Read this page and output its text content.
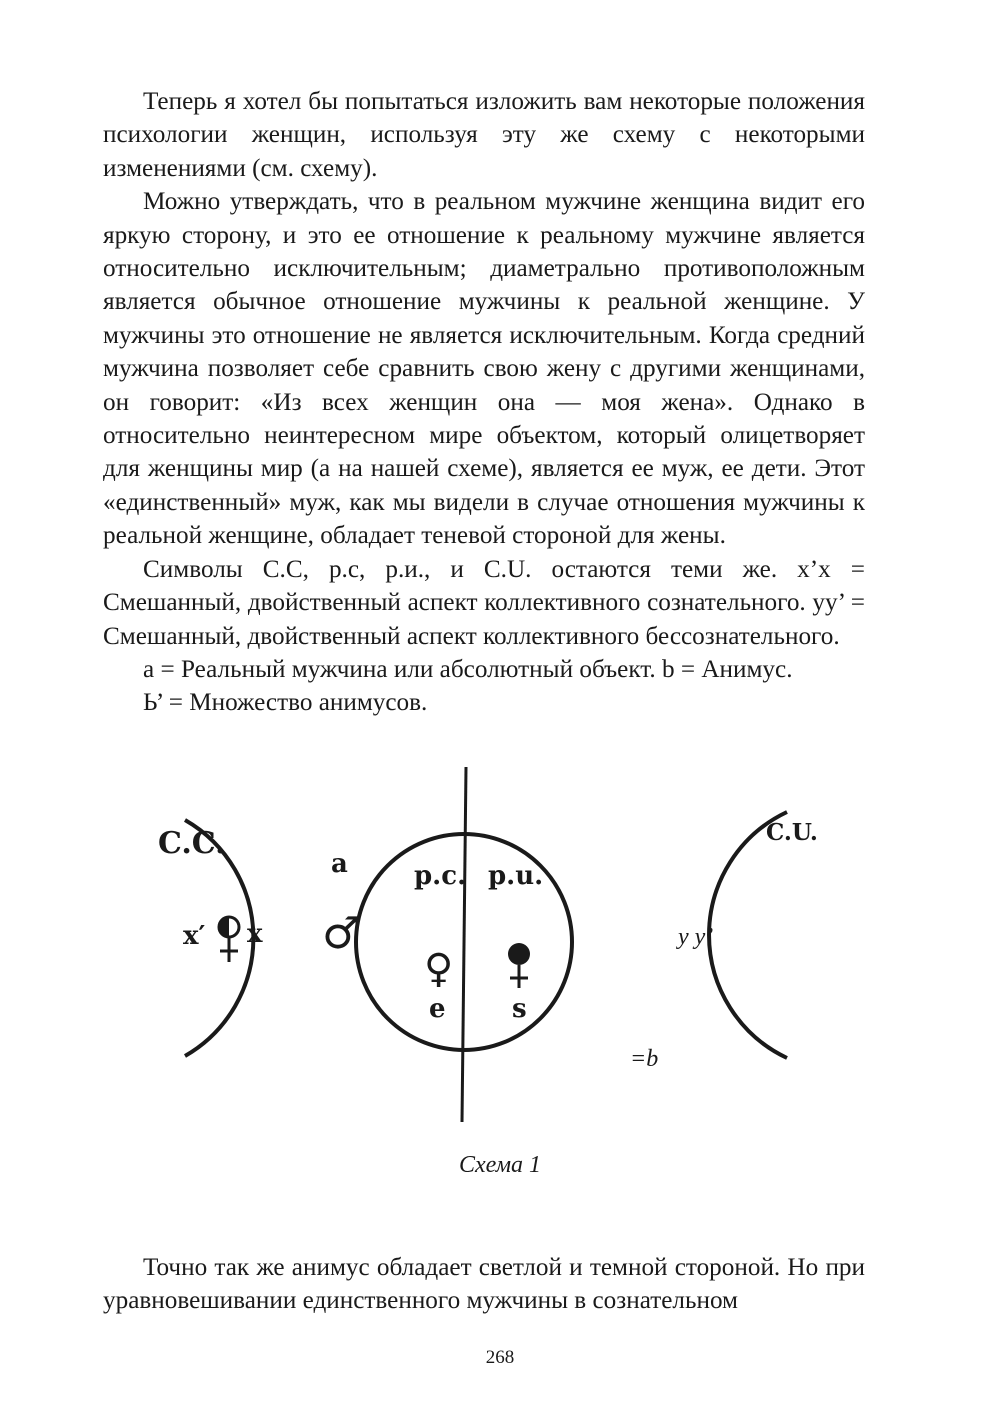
Теперь я хотел бы попытаться изложить вам некоторые положения психологии женщин, используя эту же схему с некоторыми изменениями (см. схему).

Можно утверждать, что в реальном мужчине женщина видит его яркую сторону, и это ее отношение к реальному мужчине является относительно исключительным; диаметрально противоположным является обычное отношение мужчины к реальной женщине. У мужчины это отношение не является исключительным. Когда средний мужчина позволяет себе сравнить свою жену с другими женщинами, он говорит: «Из всех женщин она — моя жена». Однако в относительно неинтересном мире объектом, который олицетворяет для женщины мир (а на нашей схеме), является ее муж, ее дети. Этот «единственный» муж, как мы видели в случае отношения мужчины к реальной женщине, обладает теневой стороной для жены.

Символы С.С, р.с, р.и., и С.U. остаются теми же. х’х = Смешанный, двойственный аспект коллективного сознательного. уу’ = Смешанный, двойственный аспект коллективного бессознательного.

а = Реальный мужчина или абсолютный объект. b = Анимус.

Ь’ = Множество анимусов.

C.C.	C.U.
a	p.c. p.u.
x′ x	y y’
e	s
=b
♂
♀
Схема 1

Точно так же анимус обладает светлой и темной стороной. Но при уравновешивании единственного мужчины в сознательном

268
